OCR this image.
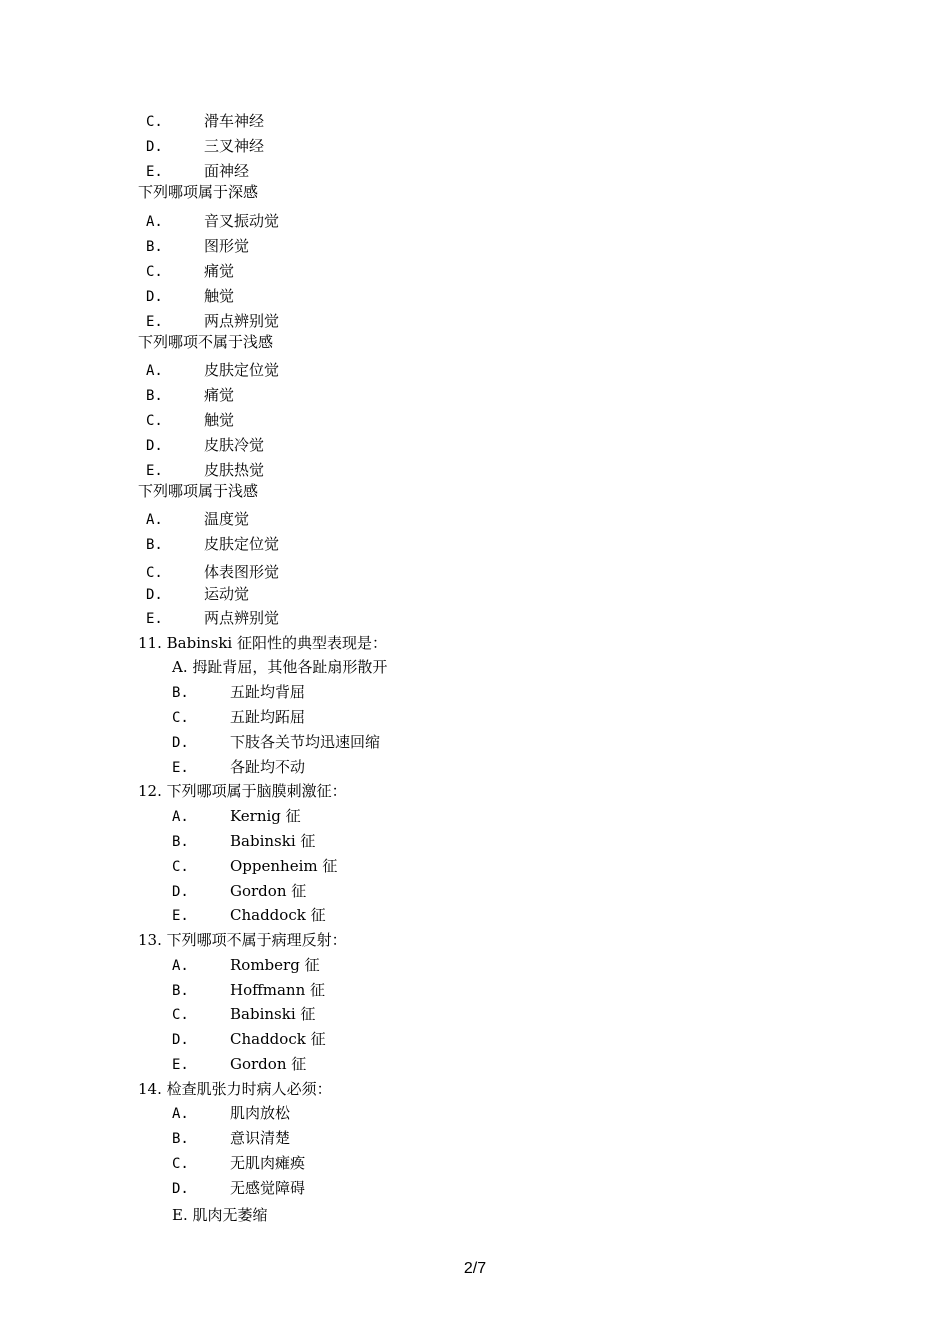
C.	滑车神经
D.	三叉神经
E.	面神经
下列哪项属于深感
A.	音叉振动觉
B.	图形觉
C.	痛觉
D.	触觉
E.	两点辨别觉
下列哪项不属于浅感
A.	皮肤定位觉
B.	痛觉
C.	触觉
D.	皮肤冷觉
E.	皮肤热觉
下列哪项属于浅感
A.	温度觉
B.	皮肤定位觉
C.	体表图形觉
D.	运动觉
E.	两点辨别觉
11. Babinski 征阳性的典型表现是：
A. 拇趾背屈，其他各趾扇形散开
B.	五趾均背屈
C.	五趾均跖屈
D.	下肢各关节均迅速回缩
E.	各趾均不动
12. 下列哪项属于脑膜刺激征：
A.	Kernig 征
B.	Babinski 征
C.	Oppenheim 征
D.	Gordon 征
E.	Chaddock 征
13. 下列哪项不属于病理反射：
A.	Romberg 征
B.	Hoffmann 征
C.	Babinski 征
D.	Chaddock 征
E.	Gordon 征
14. 检查肌张力时病人必须：
A.	肌肉放松
B.	意识清楚
C.	无肌肉瘫痪
D.	无感觉障碍
E. 肌肉无萎缩
2/7
